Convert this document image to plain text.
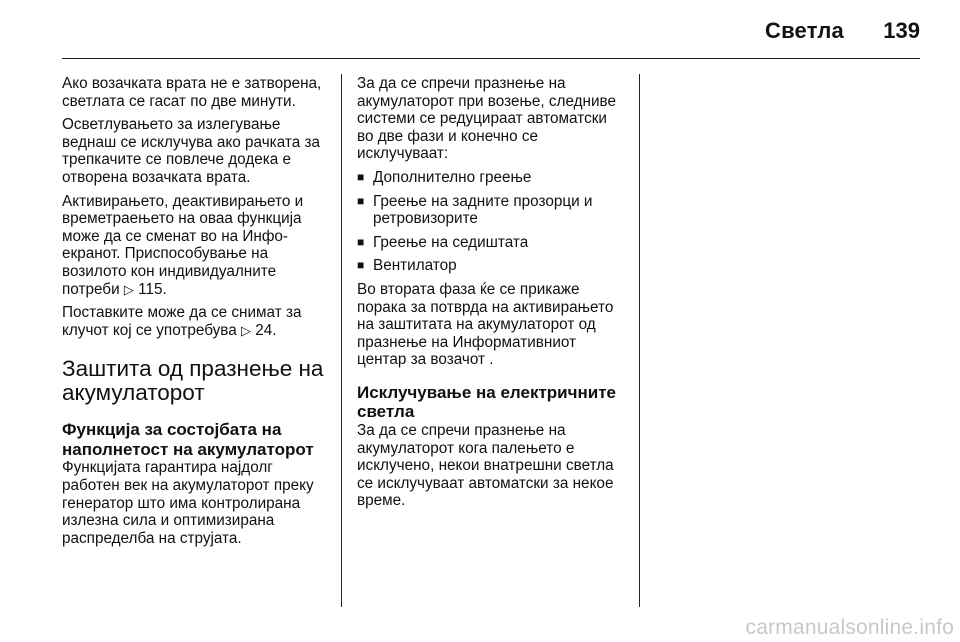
Светла 139

Ако возачката врата не е затворена, светлата се гасат по две минути.

Осветлувањето за излегување веднаш се исклучува ако рачката за трепкачите се повлече додека е отворена возачката врата.

Активирањето, деактивирањето и времетраењето на оваа функција може да се сменат во на Инфо-екранот. Приспособување на возилото кон индивидуалните потреби ▷ 115.

Поставките може да се снимат за клучот кој се употребува ▷ 24.

Заштита од празнење на акумулаторот
Функција за состојбата на наполнетост на акумулаторот

Функцијата гарантира најдолг работен век на акумулаторот преку генератор што има контролирана излезна сила и оптимизирана распределба на струјата.

За да се спречи празнење на акумулаторот при возење, следниве системи се редуцираат автоматски во две фази и конечно се исклучуваат:

■ Дополнително греење
■ Греење на задните прозорци и ретровизорите
■ Греење на седиштата
■ Вентилатор

Во втората фаза ќе се прикаже порака за потврда на активирањето на заштитата на акумулаторот од празнење на Информативниот центар за возачот .

Исклучување на електричните светла

За да се спречи празнење на акумулаторот кога палењето е исклучено, некои внатрешни светла се исклучуваат автоматски за некое време.

carmanualsonline.info
